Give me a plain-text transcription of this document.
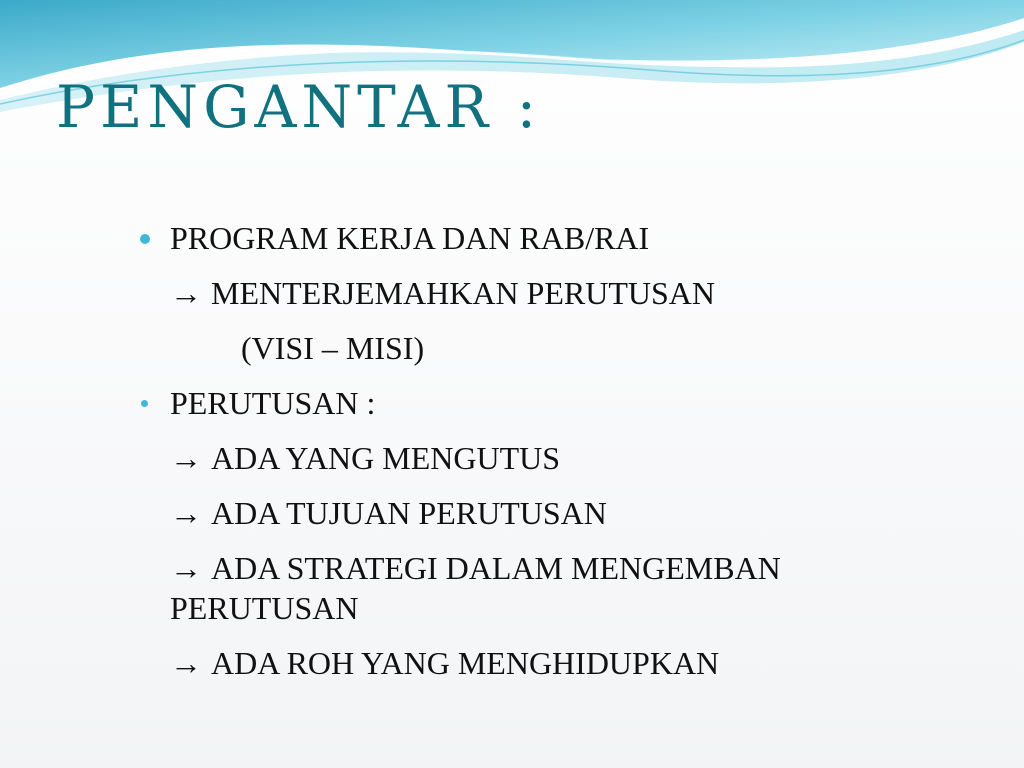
PENGANTAR :

PROGRAM KERJA DAN RAB/RAI

→ MENTERJEMAHKAN PERUTUSAN

(VISI – MISI)

PERUTUSAN :

→ ADA YANG MENGUTUS

→ ADA TUJUAN PERUTUSAN

→ ADA STRATEGI DALAM MENGEMBAN

PERUTUSAN

→ ADA ROH YANG MENGHIDUPKAN
